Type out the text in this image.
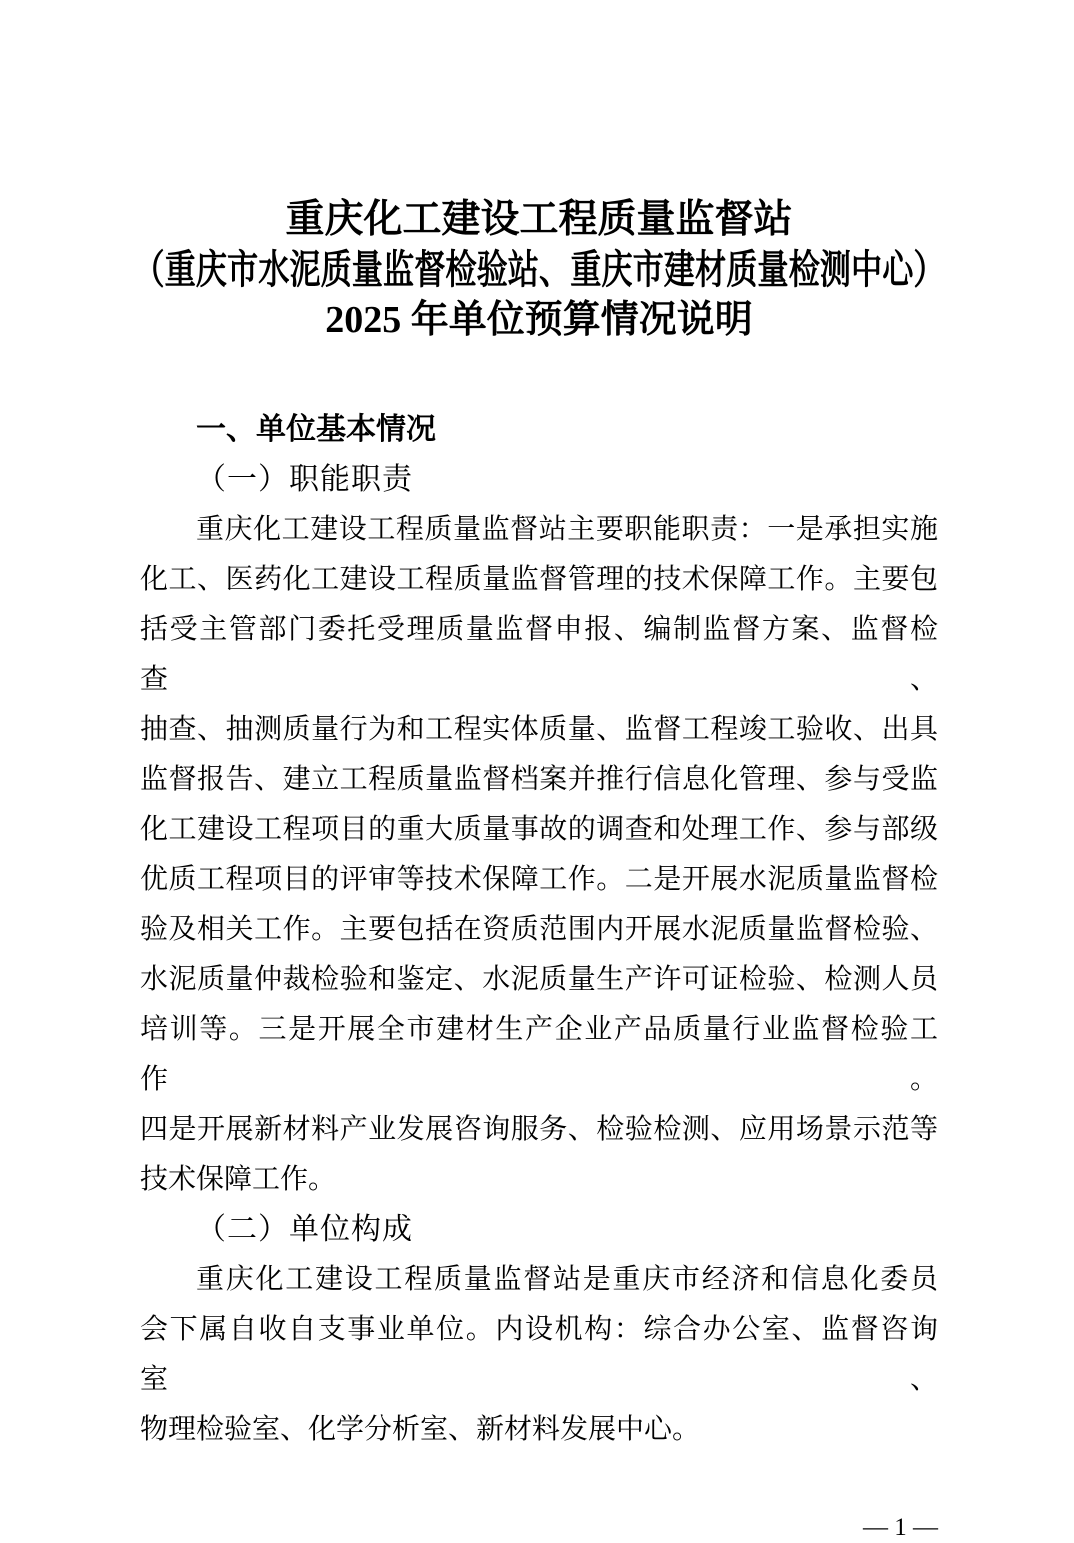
重庆化工建设工程质量监督站
（重庆市水泥质量监督检验站、重庆市建材质量检测中心）
2025 年单位预算情况说明
一、单位基本情况
（一）职能职责
重庆化工建设工程质量监督站主要职能职责：一是承担实施
化工、医药化工建设工程质量监督管理的技术保障工作。主要包
括受主管部门委托受理质量监督申报、编制监督方案、监督检查、
抽查、抽测质量行为和工程实体质量、监督工程竣工验收、出具
监督报告、建立工程质量监督档案并推行信息化管理、参与受监
化工建设工程项目的重大质量事故的调查和处理工作、参与部级
优质工程项目的评审等技术保障工作。二是开展水泥质量监督检
验及相关工作。主要包括在资质范围内开展水泥质量监督检验、
水泥质量仲裁检验和鉴定、水泥质量生产许可证检验、检测人员
培训等。三是开展全市建材生产企业产品质量行业监督检验工作。
四是开展新材料产业发展咨询服务、检验检测、应用场景示范等
技术保障工作。
（二）单位构成
重庆化工建设工程质量监督站是重庆市经济和信息化委员
会下属自收自支事业单位。内设机构：综合办公室、监督咨询室、
物理检验室、化学分析室、新材料发展中心。
— 1 —
